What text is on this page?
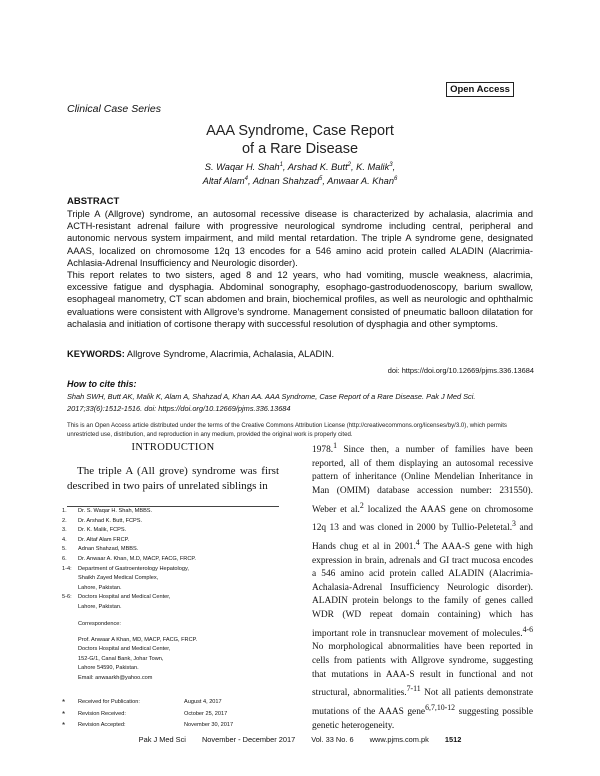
Open Access
Clinical Case Series
AAA Syndrome, Case Report
of a Rare Disease
S. Waqar H. Shah$^1$, Arshad K. Butt$^2$, K. Malik$^3$,
Altaf Alam$^4$, Adnan Shahzad$^5$, Anwaar A. Khan$^6$
ABSTRACT

Triple A (Allgrove) syndrome, an autosomal recessive disease is characterized by achalasia, alacrimia and ACTH-resistant adrenal failure with progressive neurological syndrome including central, peripheral and autonomic nervous system impairment, and mild mental retardation. The triple A syndrome gene, designated AAAS, localized on chromosome 12q 13 encodes for a 546 amino acid protein called ALADIN (Alacrimia-Achlasia-Adrenal Insufficiency and Neurologic disorder).

This report relates to two sisters, aged 8 and 12 years, who had vomiting, muscle weakness, alacrimia, excessive fatigue and dysphagia. Abdominal sonography, esophago-gastroduodenoscopy, barium swallow, esophageal manometry, CT scan abdomen and brain, biochemical profiles, as well as neurologic and ophthalmic evaluations were consistent with Allgrove’s syndrome. Management consisted of pneumatic balloon dilatation for achalasia and initiation of cortisone therapy with successful resolution of dysphagia and other symptoms.

KEYWORDS: Allgrove Syndrome, Alacrimia, Achalasia, ALADIN.
doi: https://doi.org/10.12669/pjms.336.13684
How to cite this:

Shah SWH, Butt AK, Malik K, Alam A, Shahzad A, Khan AA. AAA Syndrome, Case Report of a Rare Disease. Pak J Med Sci. 2017;33(6):1512-1516. doi: https://doi.org/10.12669/pjms.336.13684

This is an Open Access article distributed under the terms of the Creative Commons Attribution License (http://creativecommons.org/licenses/by/3.0), which permits unrestricted use, distribution, and reproduction in any medium, provided the original work is properly cited.

INTRODUCTION

The triple A (All grove) syndrome was first described in two pairs of unrelated siblings in

1.	Dr. S. Waqar H. Shah, MBBS.
2.	Dr. Arshad K. Butt, FCPS.
3.	Dr. K. Malik, FCPS.
4.	Dr. Altaf Alam FRCP.
5.	Adnan Shahzad, MBBS.
6.	Dr. Anwaar A. Khan, M.D, MACP, FACG, FRCP.
1-4:	Department of Gastroenterology Hepatology,
Shaikh Zayed Medical Complex,
Lahore, Pakistan.
5-6:	Doctors Hospital and Medical Center,
Lahore, Pakistan.
Correspondence:
Prof. Anwaar A Khan, MD, MACP, FACG, FRCP.
Doctors Hospital and Medical Center,
152-G/1, Canal Bank, Johar Town,
Lahore 54590, Pakistan.
Email: anwaarkh@yahoo.com
*	Received for Publication:	August 4, 2017
*	Revision Received:	October 25, 2017
*	Revision Accepted:	November 30, 2017

1978.$^1$ Since then, a number of families have been reported, all of them displaying an autosomal recessive pattern of inheritance (Online Mendelian Inheritance in Man (OMIM) database accession number: 231550). Weber et al.$^2$ localized the AAAS gene on chromosome 12q 13 and was cloned in 2000 by Tullio-Peletetal.$^3$ and Hands chug et al in 2001.$^4$ The AAA-S gene with high expression in brain, adrenals and GI tract mucosa encodes a 546 amino acid protein called ALADIN (Alacrimia-Achalasia-Adrenal Insufficiency Neurologic disorder). ALADIN protein belongs to the family of genes called WDR (WD repeat domain containing) which has important role in transnuclear movement of molecules.$^{4-6}$ No morphological abnormalities have been reported in cells from patients with Allgrove syndrome, suggesting that mutations in AAA-S result in functional and not structural, abnormalities.$^{7-11}$ Not all patients demonstrate mutations of the AAAS gene$^{6,7,10-12}$ suggesting possible genetic heterogeneity.

Pak J Med Sci November - December 2017 Vol. 33 No. 6 www.pjms.com.pk 1512
